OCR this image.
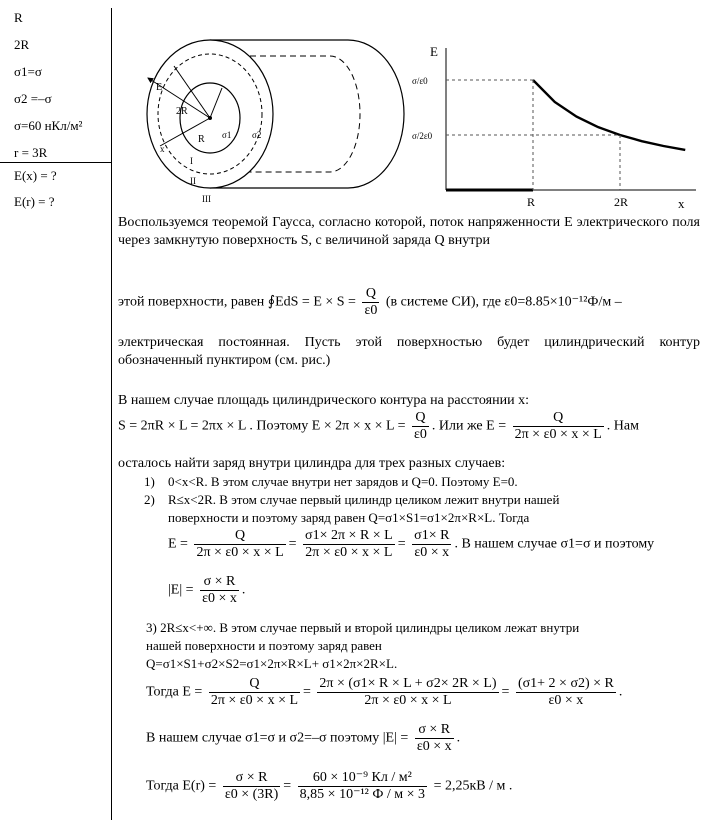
R
2R
σ1=σ
σ2 =–σ
σ=60 нКл/м²
r = 3R
E(x) = ?
E(r) = ?
E
2R
R σ1 σ2
x
I
II
III
E
x
R	2R
σ/ε0
σ/2ε0
Воспользуемся теоремой Гаусса, согласно которой, поток напряженности E электрического поля через замкнутую поверхность S, с величиной заряда Q внутри
этой поверхности, равен ∮EdS = $E \times S = \frac{Q}{\varepsilon 0} (в$ системе СИ), где ε0=8.85×10⁻¹²Ф/м –
электрическая постоянная. Пусть этой поверхностью будет цилиндрический контур обозначенный пунктиром (см. рис.)
В нашем случае площадь цилиндрического контура на расстоянии x:
S = 2πR × L = 2πx × L . Поэтому $E \times 2\pi \times x \times L = \frac{Q}{\varepsilon 0}$ . Или же $E = \frac{Q}{2\pi \times \varepsilon 0 \times x \times L}$ . Нам
осталось найти заряд внутри цилиндра для трех разных случаев:
1) 0<x<R. В этом случае внутри нет зарядов и Q=0. Поэтому E=0.
2) R≤x<2R. В этом случае первый цилиндр целиком лежит внутри нашей
поверхности и поэтому заряд равен Q=σ1×S1=σ1×2π×R×L. Тогда
$E = \frac{Q}{2\pi \times \varepsilon 0 \times x \times L} = \frac{\sigma 1\times 2\pi \times R \times L}{2\pi \times \varepsilon 0 \times x \times L} = \frac{\sigma 1\times R}{\varepsilon 0 \times x}$ . В нашем случае σ1=σ и поэтому
$|E| = \frac{\sigma \times R}{\varepsilon 0 \times x}$ .
3) 2R≤x<+∞. В этом случае первый и второй цилиндры целиком лежат внутри
нашей поверхности и поэтому заряд равен
Q=σ1×S1+σ2×S2=σ1×2π×R×L+ σ1×2π×2R×L.
Тогда $E = \frac{Q}{2\pi \times \varepsilon 0 \times x \times L} = \frac{2\pi \times (\sigma 1\times R \times L + \sigma 2\times 2R \times L)}{2\pi \times \varepsilon 0 \times x \times L} = \frac{(\sigma 1+ 2 \times \sigma 2) \times R}{\varepsilon 0 \times x}$ .
В нашем случае σ1=σ и σ2=–σ поэтому $|E| = \frac{\sigma \times R}{\varepsilon 0 \times x}$ .
Тогда $E(r) = \frac{\sigma \times R}{\varepsilon 0 \times (3R)} = \frac{\text{60 × 10⁻⁹ Кл / м²}}{\text{8,85 × 10⁻¹² Ф / м × 3}} = 2,25кВ / м$ .
